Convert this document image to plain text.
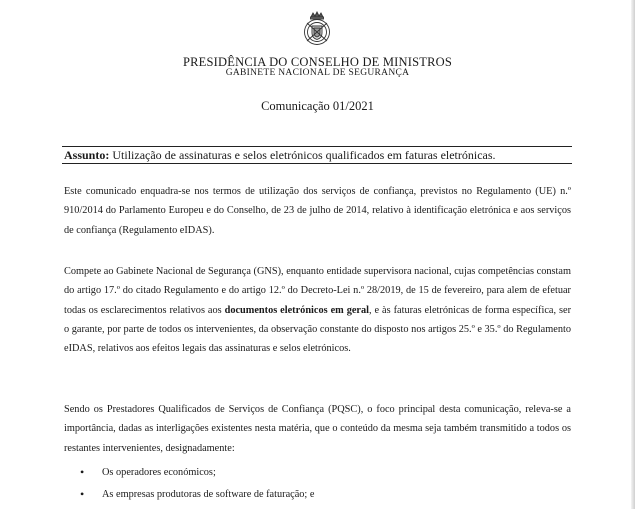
PRESIDÊNCIA DO CONSELHO DE MINISTROS
GABINETE NACIONAL DE SEGURANÇA
Comunicação 01/2021
Assunto: Utilização de assinaturas e selos eletrónicos qualificados em faturas eletrónicas.

Este comunicado enquadra-se nos termos de utilização dos serviços de confiança, previstos no Regulamento (UE) n.º 910/2014 do Parlamento Europeu e do Conselho, de 23 de julho de 2014, relativo à identificação eletrónica e aos serviços de confiança (Regulamento eIDAS).

Compete ao Gabinete Nacional de Segurança (GNS), enquanto entidade supervisora nacional, cujas competências constam do artigo 17.º do citado Regulamento e do artigo 12.º do Decreto-Lei n.º 28/2019, de 15 de fevereiro, para alem de efetuar todas os esclarecimentos relativos aos documentos eletrónicos em geral, e às faturas eletrónicas de forma específica, ser o garante, por parte de todos os intervenientes, da observação constante do disposto nos artigos 25.º e 35.º do Regulamento eIDAS, relativos aos efeitos legais das assinaturas e selos eletrónicos.

Sendo os Prestadores Qualificados de Serviços de Confiança (PQSC), o foco principal desta comunicação, releva-se a importância, dadas as interligações existentes nesta matéria, que o conteúdo da mesma seja também transmitido a todos os restantes intervenientes, designadamente:

• Os operadores económicos;
• As empresas produtoras de software de faturação; e
